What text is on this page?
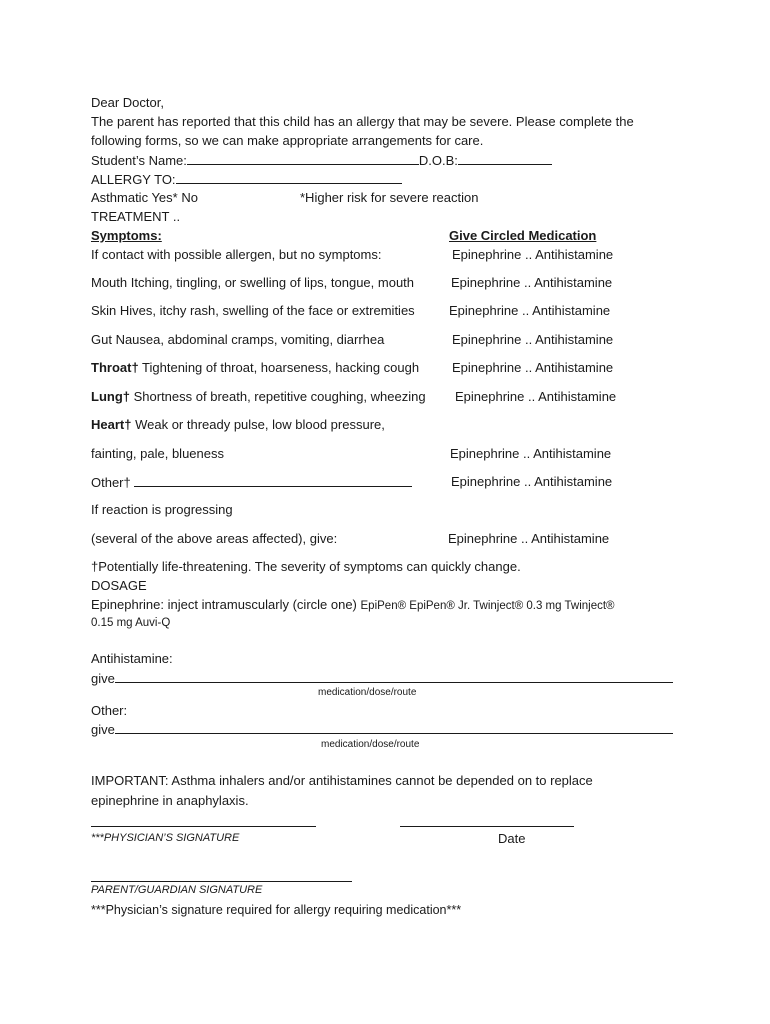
Dear Doctor,
The parent has reported that this child has an allergy that may be severe. Please complete the
following forms, so we can make appropriate arrangements for care.
Student’s Name:	D.O.B:
ALLERGY TO:
Asthmatic Yes* No	*Higher risk for severe reaction
TREATMENT ..
Symptoms:	Give Circled Medication
If contact with possible allergen, but no symptoms:	Epinephrine .. Antihistamine
Mouth Itching, tingling, or swelling of lips, tongue, mouth	Epinephrine .. Antihistamine
Skin Hives, itchy rash, swelling of the face or extremities	Epinephrine .. Antihistamine
Gut Nausea, abdominal cramps, vomiting, diarrhea	Epinephrine .. Antihistamine
Throat† Tightening of throat, hoarseness, hacking cough	Epinephrine .. Antihistamine
Lung† Shortness of breath, repetitive coughing, wheezing Epinephrine .. Antihistamine
Heart† Weak or thready pulse, low blood pressure,
fainting, pale, blueness	Epinephrine .. Antihistamine
Other†	Epinephrine .. Antihistamine
If reaction is progressing
(several of the above areas affected), give:	Epinephrine .. Antihistamine
†Potentially life-threatening. The severity of symptoms can quickly change.
DOSAGE
Epinephrine: inject intramuscularly (circle one) EpiPen® EpiPen® Jr. Twinject® 0.3 mg Twinject®
0.15 mg Auvi-Q
Antihistamine:
give
medication/dose/route
Other:
give
medication/dose/route
IMPORTANT: Asthma inhalers and/or antihistamines cannot be depended on to replace
epinephrine in anaphylaxis.
***PHYSICIAN’S SIGNATURE	Date
PARENT/GUARDIAN SIGNATURE
***Physician’s signature required for allergy requiring medication***
